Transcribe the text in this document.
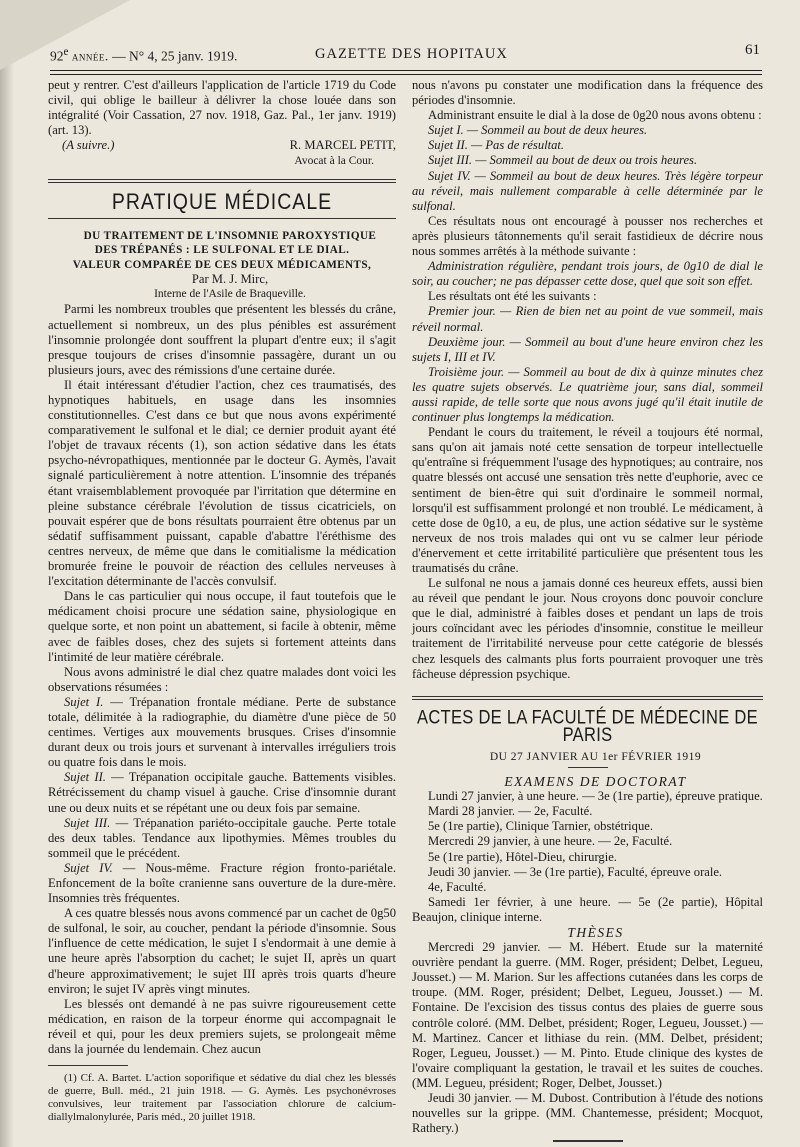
92e année. — N° 4, 25 janv. 1919.	GAZETTE DES HOPITAUX	61

peut y rentrer. C'est d'ailleurs l'application de l'article 1719 du Code civil, qui oblige le bailleur à délivrer la chose louée dans son intégralité (Voir Cassation, 27 nov. 1918, Gaz. Pal., 1er janv. 1919) (art. 13).

(A suivre.)	R. MARCEL PETIT,

Avocat à la Cour.

PRATIQUE MÉDICALE

DU TRAITEMENT DE L'INSOMNIE PAROXYSTIQUE
DES TRÉPANÉS : LE SULFONAL ET LE DIAL.
VALEUR COMPARÉE DE CES DEUX MÉDICAMENTS,

Par M. J. Mirc,

Interne de l'Asile de Braqueville.

Parmi les nombreux troubles que présentent les blessés du crâne, actuellement si nombreux, un des plus pénibles est assurément l'insomnie prolongée dont souffrent la plupart d'entre eux; il s'agit presque toujours de crises d'insomnie passagère, durant un ou plusieurs jours, avec des rémissions d'une certaine durée.

Il était intéressant d'étudier l'action, chez ces traumatisés, des hypnotiques habituels, en usage dans les insomnies constitutionnelles. C'est dans ce but que nous avons expérimenté comparativement le sulfonal et le dial; ce dernier produit ayant été l'objet de travaux récents (1), son action sédative dans les états psycho-névropathiques, mentionnée par le docteur G. Aymès, l'avait signalé particulièrement à notre attention. L'insomnie des trépanés étant vraisemblablement provoquée par l'irritation que détermine en pleine substance cérébrale l'évolution de tissus cicatriciels, on pouvait espérer que de bons résultats pourraient être obtenus par un sédatif suffisamment puissant, capable d'abattre l'éréthisme des centres nerveux, de même que dans le comitialisme la médication bromurée freine le pouvoir de réaction des cellules nerveuses à l'excitation déterminante de l'accès convulsif.

Dans le cas particulier qui nous occupe, il faut toutefois que le médicament choisi procure une sédation saine, physiologique en quelque sorte, et non point un abattement, si facile à obtenir, même avec de faibles doses, chez des sujets si fortement atteints dans l'intimité de leur matière cérébrale.

Nous avons administré le dial chez quatre malades dont voici les observations résumées :

Sujet I. — Trépanation frontale médiane. Perte de substance totale, délimitée à la radiographie, du diamètre d'une pièce de 50 centimes. Vertiges aux mouvements brusques. Crises d'insomnie durant deux ou trois jours et survenant à intervalles irréguliers trois ou quatre fois dans le mois.

Sujet II. — Trépanation occipitale gauche. Battements visibles. Rétrécissement du champ visuel à gauche. Crise d'insomnie durant une ou deux nuits et se répétant une ou deux fois par semaine.

Sujet III. — Trépanation pariéto-occipitale gauche. Perte totale des deux tables. Tendance aux lipothymies. Mêmes troubles du sommeil que le précédent.

Sujet IV. — Nous-même. Fracture région fronto-pariétale. Enfoncement de la boîte cranienne sans ouverture de la dure-mère. Insomnies très fréquentes.

A ces quatre blessés nous avons commencé par un cachet de 0g50 de sulfonal, le soir, au coucher, pendant la période d'insomnie. Sous l'influence de cette médication, le sujet I s'endormait à une demie à une heure après l'absorption du cachet; le sujet II, après un quart d'heure approximativement; le sujet III après trois quarts d'heure environ; le sujet IV après vingt minutes.

Les blessés ont demandé à ne pas suivre rigoureusement cette médication, en raison de la torpeur énorme qui accompagnait le réveil et qui, pour les deux premiers sujets, se prolongeait même dans la journée du lendemain. Chez aucun

(1) Cf. A. Bartet. L'action soporifique et sédative du dial chez les blessés de guerre, Bull. méd., 21 juin 1918. — G. Aymès. Les psychonévroses convulsives, leur traitement par l'association chlorure de calcium-diallylmalonylurée, Paris méd., 20 juillet 1918.

nous n'avons pu constater une modification dans la fréquence des périodes d'insomnie.

Administrant ensuite le dial à la dose de 0g20 nous avons obtenu :

Sujet I. — Sommeil au bout de deux heures.

Sujet II. — Pas de résultat.

Sujet III. — Sommeil au bout de deux ou trois heures.

Sujet IV. — Sommeil au bout de deux heures. Très légère torpeur au réveil, mais nullement comparable à celle déterminée par le sulfonal.

Ces résultats nous ont encouragé à pousser nos recherches et après plusieurs tâtonnements qu'il serait fastidieux de décrire nous nous sommes arrêtés à la méthode suivante :

Administration régulière, pendant trois jours, de 0g10 de dial le soir, au coucher; ne pas dépasser cette dose, quel que soit son effet.

Les résultats ont été les suivants :

Premier jour. — Rien de bien net au point de vue sommeil, mais réveil normal.

Deuxième jour. — Sommeil au bout d'une heure environ chez les sujets I, III et IV.

Troisième jour. — Sommeil au bout de dix à quinze minutes chez les quatre sujets observés. Le quatrième jour, sans dial, sommeil aussi rapide, de telle sorte que nous avons jugé qu'il était inutile de continuer plus longtemps la médication.

Pendant le cours du traitement, le réveil a toujours été normal, sans qu'on ait jamais noté cette sensation de torpeur intellectuelle qu'entraîne si fréquemment l'usage des hypnotiques; au contraire, nos quatre blessés ont accusé une sensation très nette d'euphorie, avec ce sentiment de bien-être qui suit d'ordinaire le sommeil normal, lorsqu'il est suffisamment prolongé et non troublé. Le médicament, à cette dose de 0g10, a eu, de plus, une action sédative sur le système nerveux de nos trois malades qui ont vu se calmer leur période d'énervement et cette irritabilité particulière que présentent tous les traumatisés du crâne.

Le sulfonal ne nous a jamais donné ces heureux effets, aussi bien au réveil que pendant le jour. Nous croyons donc pouvoir conclure que le dial, administré à faibles doses et pendant un laps de trois jours coïncidant avec les périodes d'insomnie, constitue le meilleur traitement de l'irritabilité nerveuse pour cette catégorie de blessés chez lesquels des calmants plus forts pourraient provoquer une très fâcheuse dépression psychique.

ACTES DE LA FACULTÉ DE MÉDECINE DE PARIS

DU 27 JANVIER AU 1er FÉVRIER 1919

EXAMENS DE DOCTORAT

Lundi 27 janvier, à une heure. — 3e (1re partie), épreuve pratique.

Mardi 28 janvier. — 2e, Faculté.

5e (1re partie), Clinique Tarnier, obstétrique.

Mercredi 29 janvier, à une heure. — 2e, Faculté.

5e (1re partie), Hôtel-Dieu, chirurgie.

Jeudi 30 janvier. — 3e (1re partie), Faculté, épreuve orale.

4e, Faculté.

Samedi 1er février, à une heure. — 5e (2e partie), Hôpital Beaujon, clinique interne.

THÈSES

Mercredi 29 janvier. — M. Hébert. Etude sur la maternité ouvrière pendant la guerre. (MM. Roger, président; Delbet, Legueu, Jousset.) — M. Marion. Sur les affections cutanées dans les corps de troupe. (MM. Roger, président; Delbet, Legueu, Jousset.) — M. Fontaine. De l'excision des tissus contus des plaies de guerre sous contrôle coloré. (MM. Delbet, président; Roger, Legueu, Jousset.) — M. Martinez. Cancer et lithiase du rein. (MM. Delbet, président; Roger, Legueu, Jousset.) — M. Pinto. Etude clinique des kystes de l'ovaire compliquant la gestation, le travail et les suites de couches. (MM. Legueu, président; Roger, Delbet, Jousset.)

Jeudi 30 janvier. — M. Dubost. Contribution à l'étude des notions nouvelles sur la grippe. (MM. Chantemesse, président; Mocquot, Rathery.)
